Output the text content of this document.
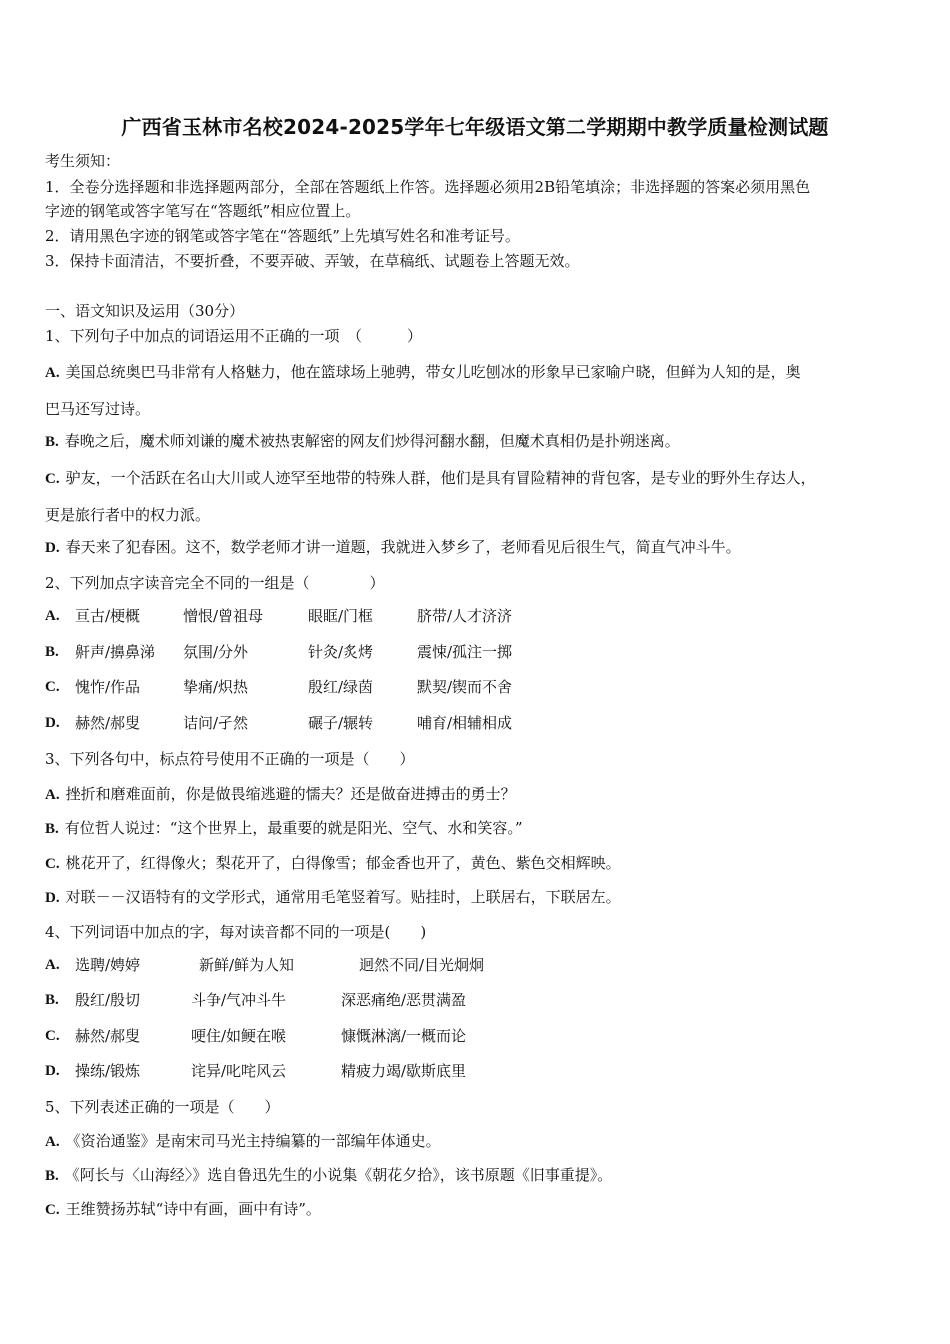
广西省玉林市名校2024-2025学年七年级语文第二学期期中教学质量检测试题
考生须知：
1．全卷分选择题和非选择题两部分，全部在答题纸上作答。选择题必须用2B铅笔填涂；非选择题的答案必须用黑色
字迹的钢笔或答字笔写在“答题纸”相应位置上。
2．请用黑色字迹的钢笔或答字笔在“答题纸”上先填写姓名和准考证号。
3．保持卡面清洁，不要折叠，不要弄破、弄皱，在草稿纸、试题卷上答题无效。
一、语文知识及运用（30分）
1、下列句子中加点的词语运用不正确的一项　（　　　）
A. 美国总统奥巴马非常有人格魅力，他在篮球场上驰骋，带女儿吃刨冰的形象早已家喻户晓，但鲜为人知的是，奥
巴马还写过诗。
B. 春晚之后，魔术师刘谦的魔术被热衷解密的网友们炒得河翻水翻，但魔术真相仍是扑朔迷离。
C. 驴友，一个活跃在名山大川或人迹罕至地带的特殊人群，他们是具有冒险精神的背包客，是专业的野外生存达人，
更是旅行者中的权力派。
D. 春天来了犯春困。这不，数学老师才讲一道题，我就进入梦乡了，老师看见后很生气，简直气冲斗牛。
2、下列加点字读音完全不同的一组是（　　　　）
A. 亘古/梗概	憎恨/曾祖母	眼眶/门框	脐带/人才济济
B. 鼾声/擤鼻涕 氛围/分外	针灸/炙烤	震悚/孤注一掷
C. 愧怍/作品	挚痛/炽热	殷红/绿茵	默契/锲而不舍
D. 赫然/郝叟	诘问/孑然	碾子/辗转	哺育/相辅相成
3、下列各句中，标点符号使用不正确的一项是（　　）
A. 挫折和磨难面前，你是做畏缩逃避的懦夫？还是做奋进搏击的勇士？
B. 有位哲人说过：“这个世界上，最重要的就是阳光、空气、水和笑容。”
C. 桃花开了，红得像火；梨花开了，白得像雪；郁金香也开了，黄色、紫色交相辉映。
D. 对联－－汉语特有的文学形式，通常用毛笔竖着写。贴挂时，上联居右，下联居左。
4、下列词语中加点的字，每对读音都不同的一项是(　　)
A. 选聘/娉婷	新鲜/鲜为人知	迥然不同/目光炯炯
B. 殷红/殷切	斗争/气冲斗牛	深恶痛绝/恶贯满盈
C. 赫然/郝叟	哽住/如鲠在喉	慷慨淋漓/一概而论
D. 操练/锻炼	诧异/叱咤风云	精疲力竭/歇斯底里
5、下列表述正确的一项是（　　）
A. 《资治通鉴》是南宋司马光主持编纂的一部编年体通史。
B. 《阿长与〈山海经〉》选自鲁迅先生的小说集《朝花夕拾》，该书原题《旧事重提》。
C. 王维赞扬苏轼“诗中有画，画中有诗”。
